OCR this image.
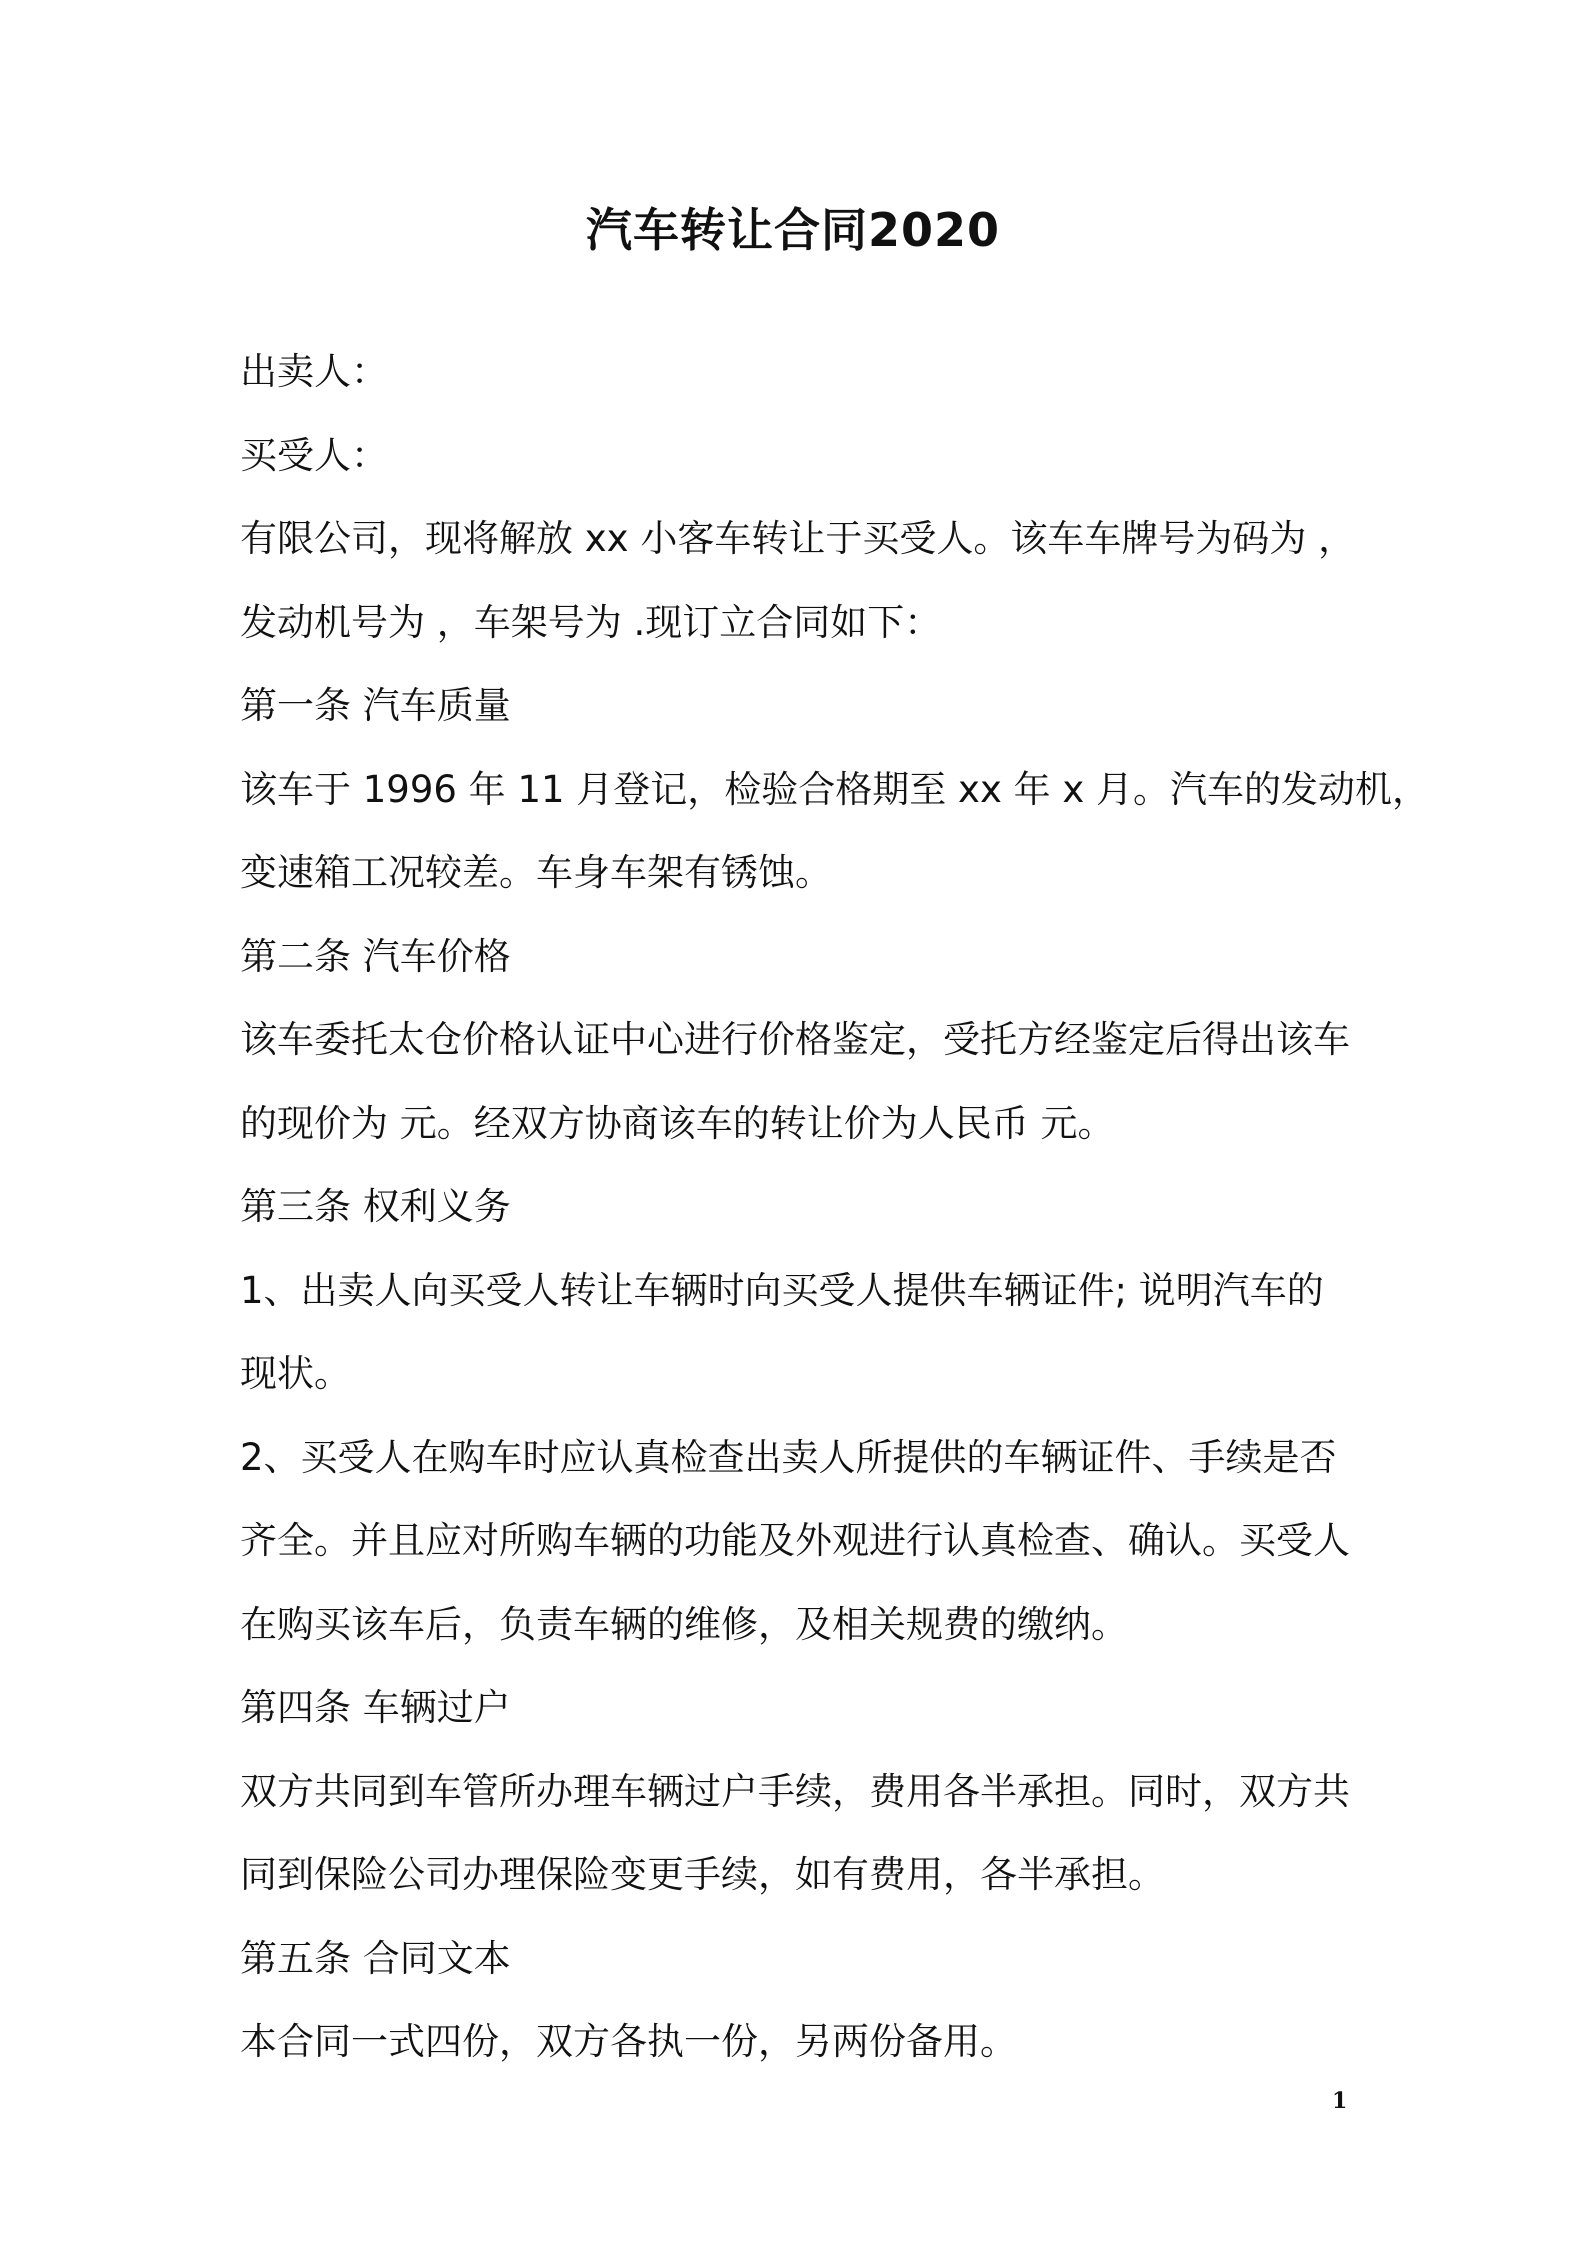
汽车转让合同2020
出卖人：
买受人：
有限公司，现将解放 xx 小客车转让于买受人。该车车牌号为码为 ，
发动机号为 ，车架号为 .现订立合同如下：
第一条 汽车质量
该车于 1996 年 11 月登记，检验合格期至 xx 年 x 月。汽车的发动机，
变速箱工况较差。车身车架有锈蚀。
第二条 汽车价格
该车委托太仓价格认证中心进行价格鉴定，受托方经鉴定后得出该车
的现价为 元。经双方协商该车的转让价为人民币 元。
第三条 权利义务
1、出卖人向买受人转让车辆时向买受人提供车辆证件; 说明汽车的
现状。
2、买受人在购车时应认真检查出卖人所提供的车辆证件、手续是否
齐全。并且应对所购车辆的功能及外观进行认真检查、确认。买受人
在购买该车后，负责车辆的维修，及相关规费的缴纳。
第四条 车辆过户
双方共同到车管所办理车辆过户手续，费用各半承担。同时，双方共
同到保险公司办理保险变更手续，如有费用，各半承担。
第五条 合同文本
本合同一式四份，双方各执一份，另两份备用。
1
